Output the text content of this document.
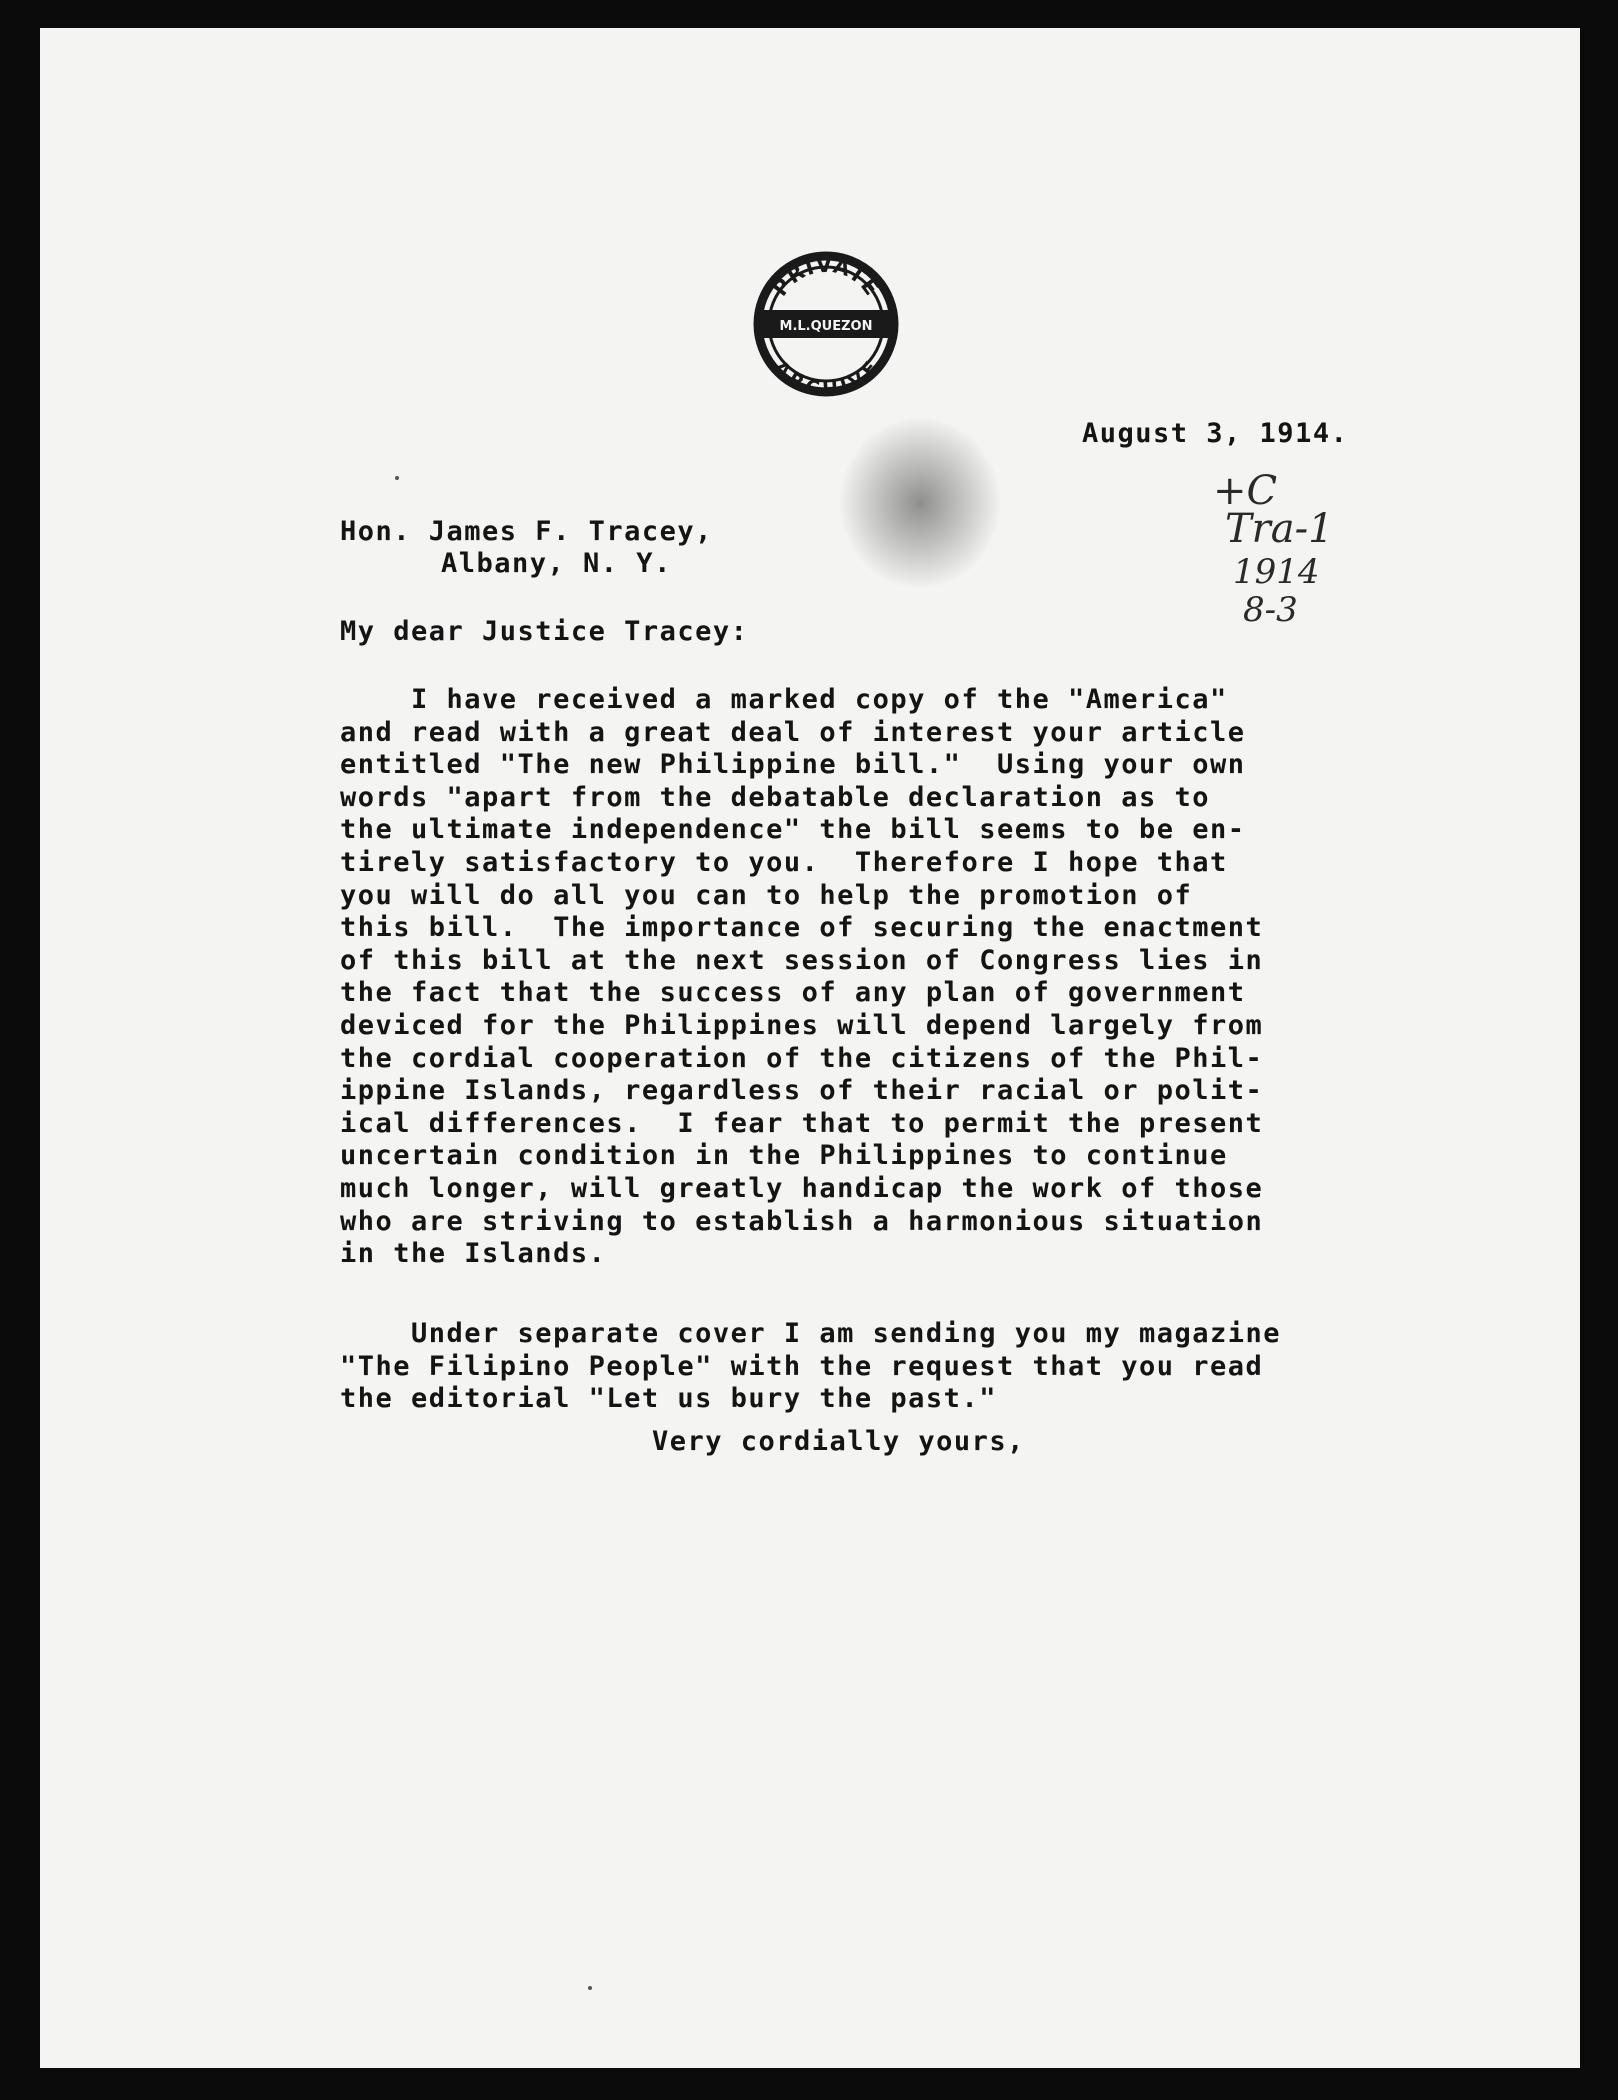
PRIVATE
M.L.QUEZON
ARCHIVE

August 3, 1914.

+C
Tra-1
1914
8-3

Hon. James F. Tracey,

Albany, N. Y.

My dear Justice Tracey:

I have received a marked copy of the "America"
and read with a great deal of interest your article
entitled "The new Philippine bill."  Using your own
words "apart from the debatable declaration as to
the ultimate independence" the bill seems to be en-
tirely satisfactory to you.  Therefore I hope that
you will do all you can to help the promotion of
this bill.  The importance of securing the enactment
of this bill at the next session of Congress lies in
the fact that the success of any plan of government
deviced for the Philippines will depend largely from
the cordial cooperation of the citizens of the Phil-
ippine Islands, regardless of their racial or polit-
ical differences.  I fear that to permit the present
uncertain condition in the Philippines to continue
much longer, will greatly handicap the work of those
who are striving to establish a harmonious situation
in the Islands.
Under separate cover I am sending you my magazine
"The Filipino People" with the request that you read
the editorial "Let us bury the past."

Very cordially yours,
